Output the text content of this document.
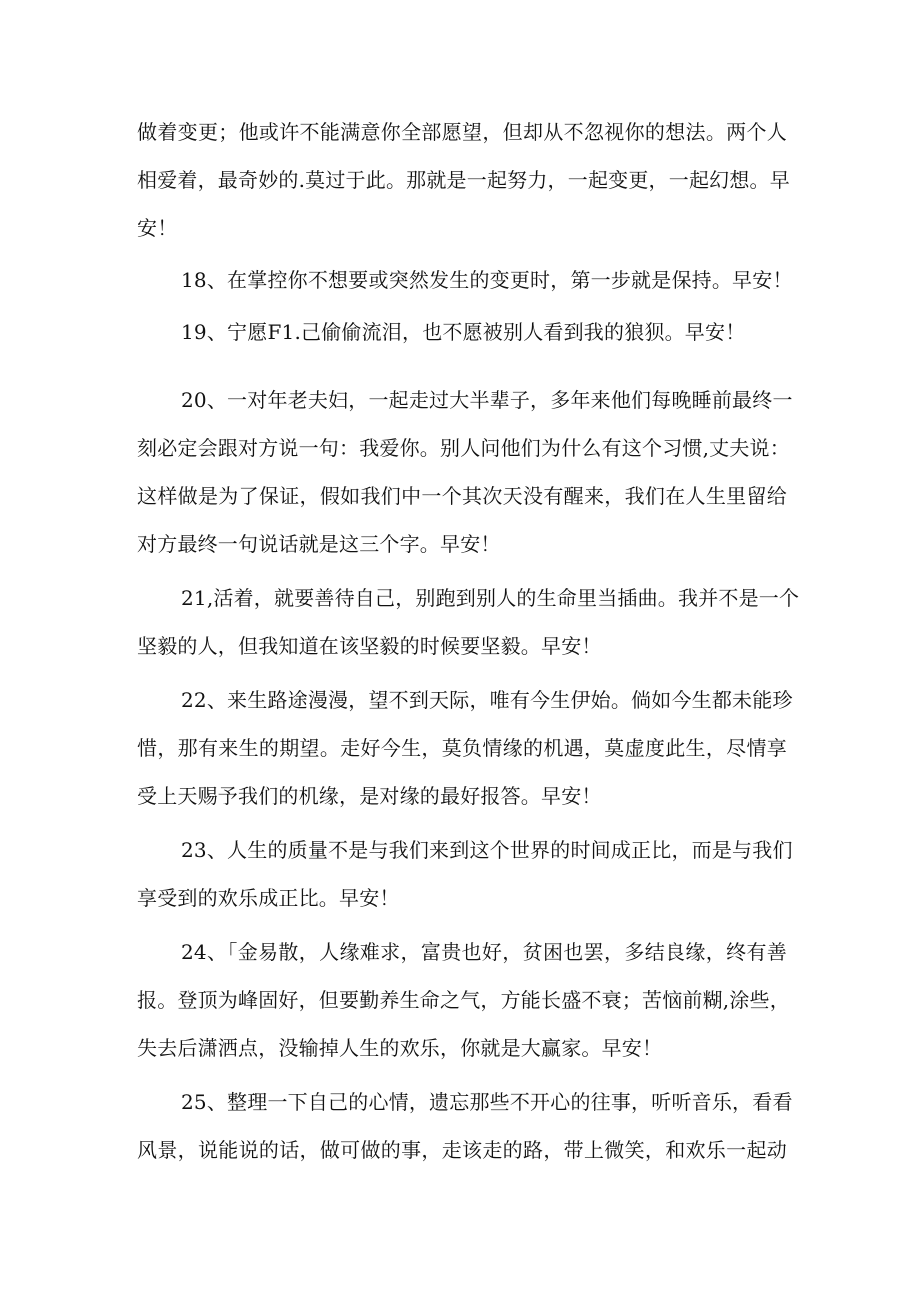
做着变更；他或许不能满意你全部愿望，但却从不忽视你的想法。两个人
相爱着，最奇妙的.莫过于此。那就是一起努力，一起变更，一起幻想。早
安！
18、在掌控你不想要或突然发生的变更时，第一步就是保持。早安！
19、宁愿F1.己偷偷流泪，也不愿被别人看到我的狼狈。早安！
20、一对年老夫妇，一起走过大半辈子，多年来他们每晚睡前最终一
刻必定会跟对方说一句：我爱你。别人问他们为什么有这个习惯,丈夫说：
这样做是为了保证，假如我们中一个其次天没有醒来，我们在人生里留给
对方最终一句说话就是这三个字。早安！
21,活着，就要善待自己，别跑到别人的生命里当插曲。我并不是一个
坚毅的人，但我知道在该坚毅的时候要坚毅。早安！
22、来生路途漫漫，望不到天际，唯有今生伊始。倘如今生都未能珍
惜，那有来生的期望。走好今生，莫负情缘的机遇，莫虚度此生，尽情享
受上天赐予我们的机缘，是对缘的最好报答。早安！
23、人生的质量不是与我们来到这个世界的时间成正比，而是与我们
享受到的欢乐成正比。早安！
24、「金易散，人缘难求，富贵也好，贫困也罢，多结良缘，终有善
报。登顶为峰固好，但要勤养生命之气，方能长盛不衰；苦恼前糊,涂些，
失去后潇洒点，没输掉人生的欢乐，你就是大赢家。早安！
25、整理一下自己的心情，遗忘那些不开心的往事，听听音乐，看看
风景，说能说的话，做可做的事，走该走的路，带上微笑，和欢乐一起动
